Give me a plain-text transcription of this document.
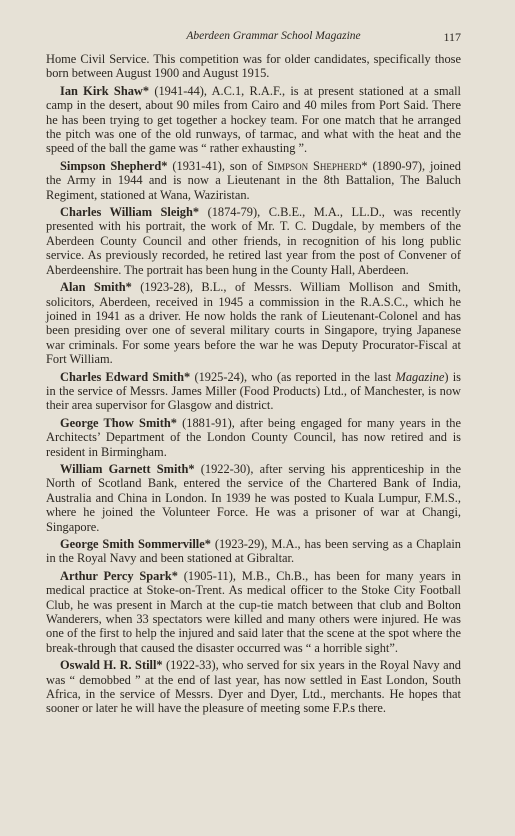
Aberdeen Grammar School Magazine	117

Home Civil Service. This competition was for older candidates, specifically those born between August 1900 and August 1915.

Ian Kirk Shaw* (1941-44), A.C.1, R.A.F., is at present stationed at a small camp in the desert, about 90 miles from Cairo and 40 miles from Port Said. There he has been trying to get together a hockey team. For one match that he arranged the pitch was one of the old runways, of tarmac, and what with the heat and the speed of the ball the game was “ rather exhausting ”.

Simpson Shepherd* (1931-41), son of Simpson Shepherd* (1890-97), joined the Army in 1944 and is now a Lieutenant in the 8th Battalion, The Baluch Regiment, stationed at Wana, Waziristan.

Charles William Sleigh* (1874-79), C.B.E., M.A., LL.D., was recently presented with his portrait, the work of Mr. T. C. Dugdale, by members of the Aberdeen County Council and other friends, in recognition of his long public service. As previously recorded, he retired last year from the post of Convener of Aberdeenshire. The portrait has been hung in the County Hall, Aberdeen.

Alan Smith* (1923-28), B.L., of Messrs. William Mollison and Smith, solicitors, Aberdeen, received in 1945 a commission in the R.A.S.C., which he joined in 1941 as a driver. He now holds the rank of Lieutenant-Colonel and has been presiding over one of several military courts in Singapore, trying Japanese war criminals. For some years before the war he was Deputy Procurator-Fiscal at Fort William.

Charles Edward Smith* (1925-24), who (as reported in the last Magazine) is in the service of Messrs. James Miller (Food Products) Ltd., of Manchester, is now their area supervisor for Glasgow and district.

George Thow Smith* (1881-91), after being engaged for many years in the Architects’ Department of the London County Council, has now retired and is resident in Birmingham.

William Garnett Smith* (1922-30), after serving his apprenticeship in the North of Scotland Bank, entered the service of the Chartered Bank of India, Australia and China in London. In 1939 he was posted to Kuala Lumpur, F.M.S., where he joined the Volunteer Force. He was a prisoner of war at Changi, Singapore.

George Smith Sommerville* (1923-29), M.A., has been serving as a Chaplain in the Royal Navy and been stationed at Gibraltar.

Arthur Percy Spark* (1905-11), M.B., Ch.B., has been for many years in medical practice at Stoke-on-Trent. As medical officer to the Stoke City Football Club, he was present in March at the cup-tie match between that club and Bolton Wanderers, when 33 spectators were killed and many others were injured. He was one of the first to help the injured and said later that the scene at the spot where the break-through that caused the disaster occurred was “ a horrible sight”.

Oswald H. R. Still* (1922-33), who served for six years in the Royal Navy and was “ demobbed ” at the end of last year, has now settled in East London, South Africa, in the service of Messrs. Dyer and Dyer, Ltd., merchants. He hopes that sooner or later he will have the pleasure of meeting some F.P.s there.
